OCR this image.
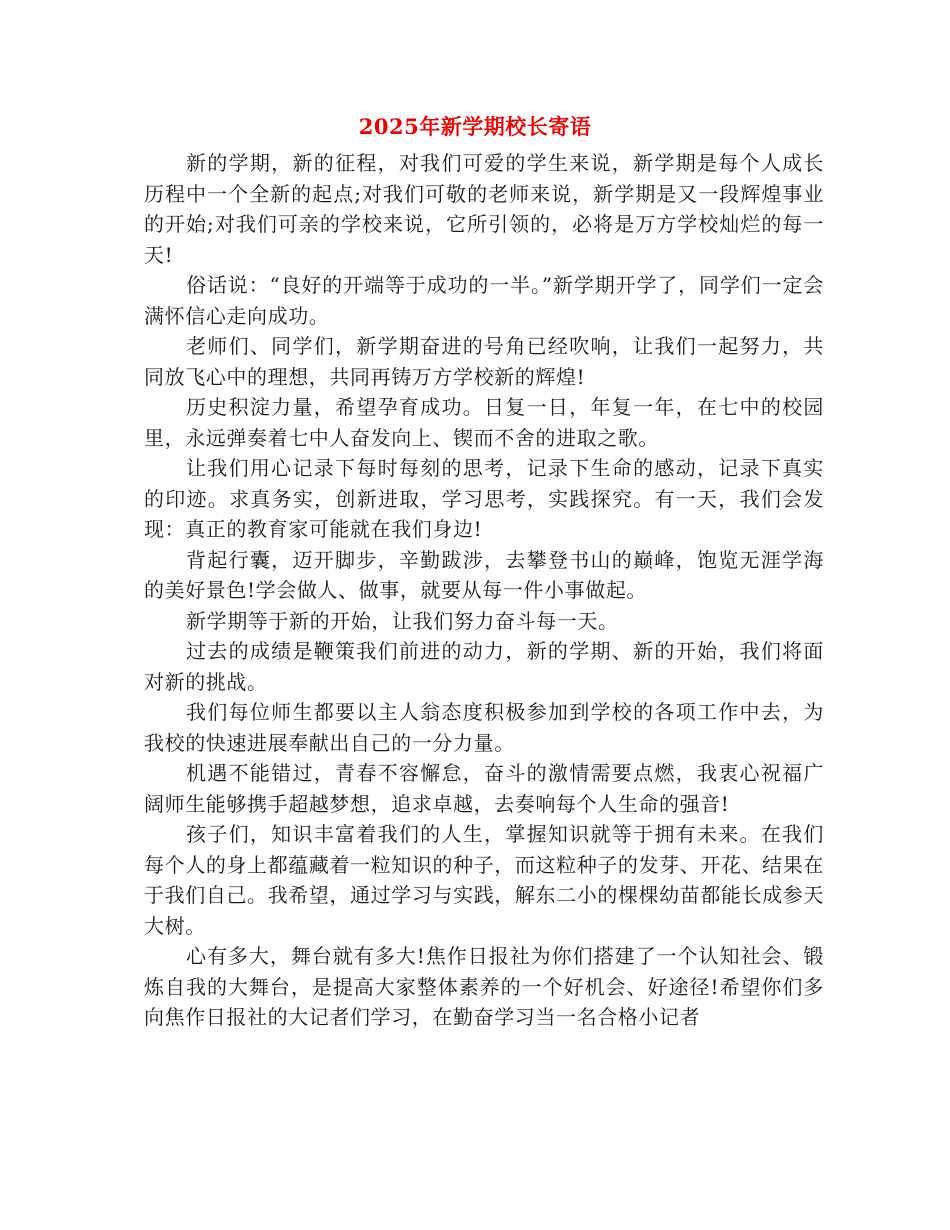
2025年新学期校长寄语

新的学期，新的征程，对我们可爱的学生来说，新学期是每个人成长历程中一个全新的起点;对我们可敬的老师来说，新学期是又一段辉煌事业的开始;对我们可亲的学校来说，它所引领的，必将是万方学校灿烂的每一天!

俗话说：“良好的开端等于成功的一半。”新学期开学了，同学们一定会满怀信心走向成功。

老师们、同学们，新学期奋进的号角已经吹响，让我们一起努力，共同放飞心中的理想，共同再铸万方学校新的辉煌!

历史积淀力量，希望孕育成功。日复一日，年复一年，在七中的校园里，永远弹奏着七中人奋发向上、锲而不舍的进取之歌。

让我们用心记录下每时每刻的思考，记录下生命的感动，记录下真实的印迹。求真务实，创新进取，学习思考，实践探究。有一天，我们会发现：真正的教育家可能就在我们身边!

背起行囊，迈开脚步，辛勤跋涉，去攀登书山的巅峰，饱览无涯学海的美好景色!学会做人、做事，就要从每一件小事做起。

新学期等于新的开始，让我们努力奋斗每一天。

过去的成绩是鞭策我们前进的动力，新的学期、新的开始，我们将面对新的挑战。

我们每位师生都要以主人翁态度积极参加到学校的各项工作中去，为我校的快速进展奉献出自己的一分力量。

机遇不能错过，青春不容懈怠，奋斗的激情需要点燃，我衷心祝福广阔师生能够携手超越梦想，追求卓越，去奏响每个人生命的强音!

孩子们，知识丰富着我们的人生，掌握知识就等于拥有未来。在我们每个人的身上都蕴藏着一粒知识的种子，而这粒种子的发芽、开花、结果在于我们自己。我希望，通过学习与实践，解东二小的棵棵幼苗都能长成参天大树。

心有多大，舞台就有多大!焦作日报社为你们搭建了一个认知社会、锻炼自我的大舞台，是提高大家整体素养的一个好机会、好途径!希望你们多向焦作日报社的大记者们学习，在勤奋学习当一名合格小记者
